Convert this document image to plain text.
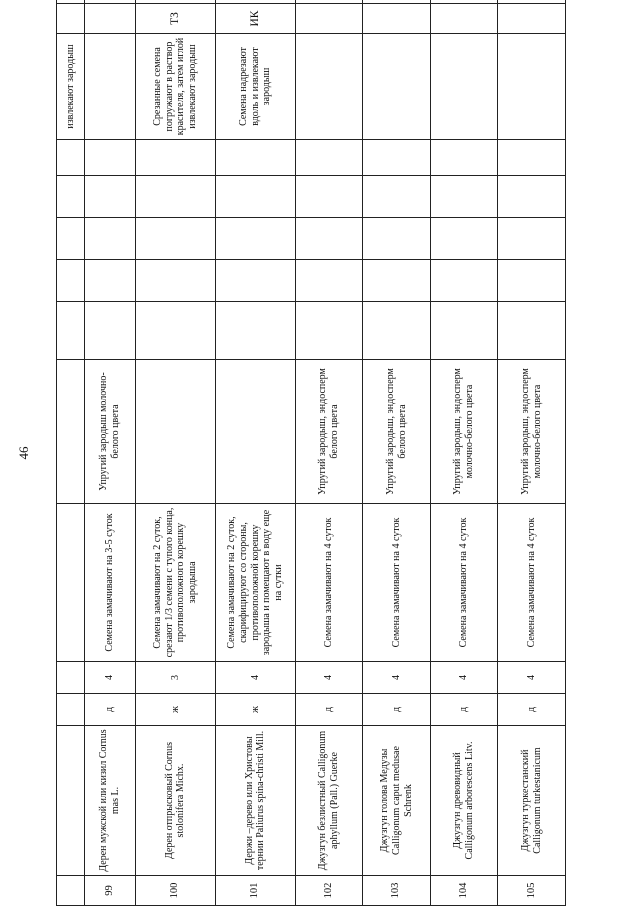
46
											извлекают зародыш		
99	Дерен мужской или кизил Cornus mas L.	д	4	Семена замачивают на 3-5 суток	Упругий зародыш молочно-белого цвета								
100	Дерен отпрысковый Cornus stolonifera Michx.	ж	3	Семена замачивают на 2 суток, срезают 1/3 семени с тупого конца, противоположного корешку зародыша							Срезанные семена погружают в раствор красителя, затем иглой извлекают зародыш	ТЗ	
101	Держи –дерево или Христовы тернии Paliurus spina-christi Mill.	ж	4	Семена замачивают на 2 суток, скарифицируют со стороны, противоположной корешку зародыша и помещают в воду еще на сутки							Семена надрезают вдоль и извлекают зародыш	ИК	
102	Джузгун безлистный Calligonum aphyllum (Pall.) Guerke	д	4	Семена замачивают на 4 суток	Упругий зародыш, эндосперм белого цвета								
103	Джузгун голова Медузы Calligonum caput medusae Schrenk	д	4	Семена замачивают на 4 суток	Упругий зародыш, эндосперм белого цвета								
104	Джузгун древовидный Calligonum arborescens Litv.	д	4	Семена замачивают на 4 суток	Упругий зародыш, эндосперм молочно-белого цвета								
105	Джузгун туркестанский Calligonum turkestanicum	д	4	Семена замачивают на 4 суток	Упругий зародыш, эндосперм молочно-белого цвета								
